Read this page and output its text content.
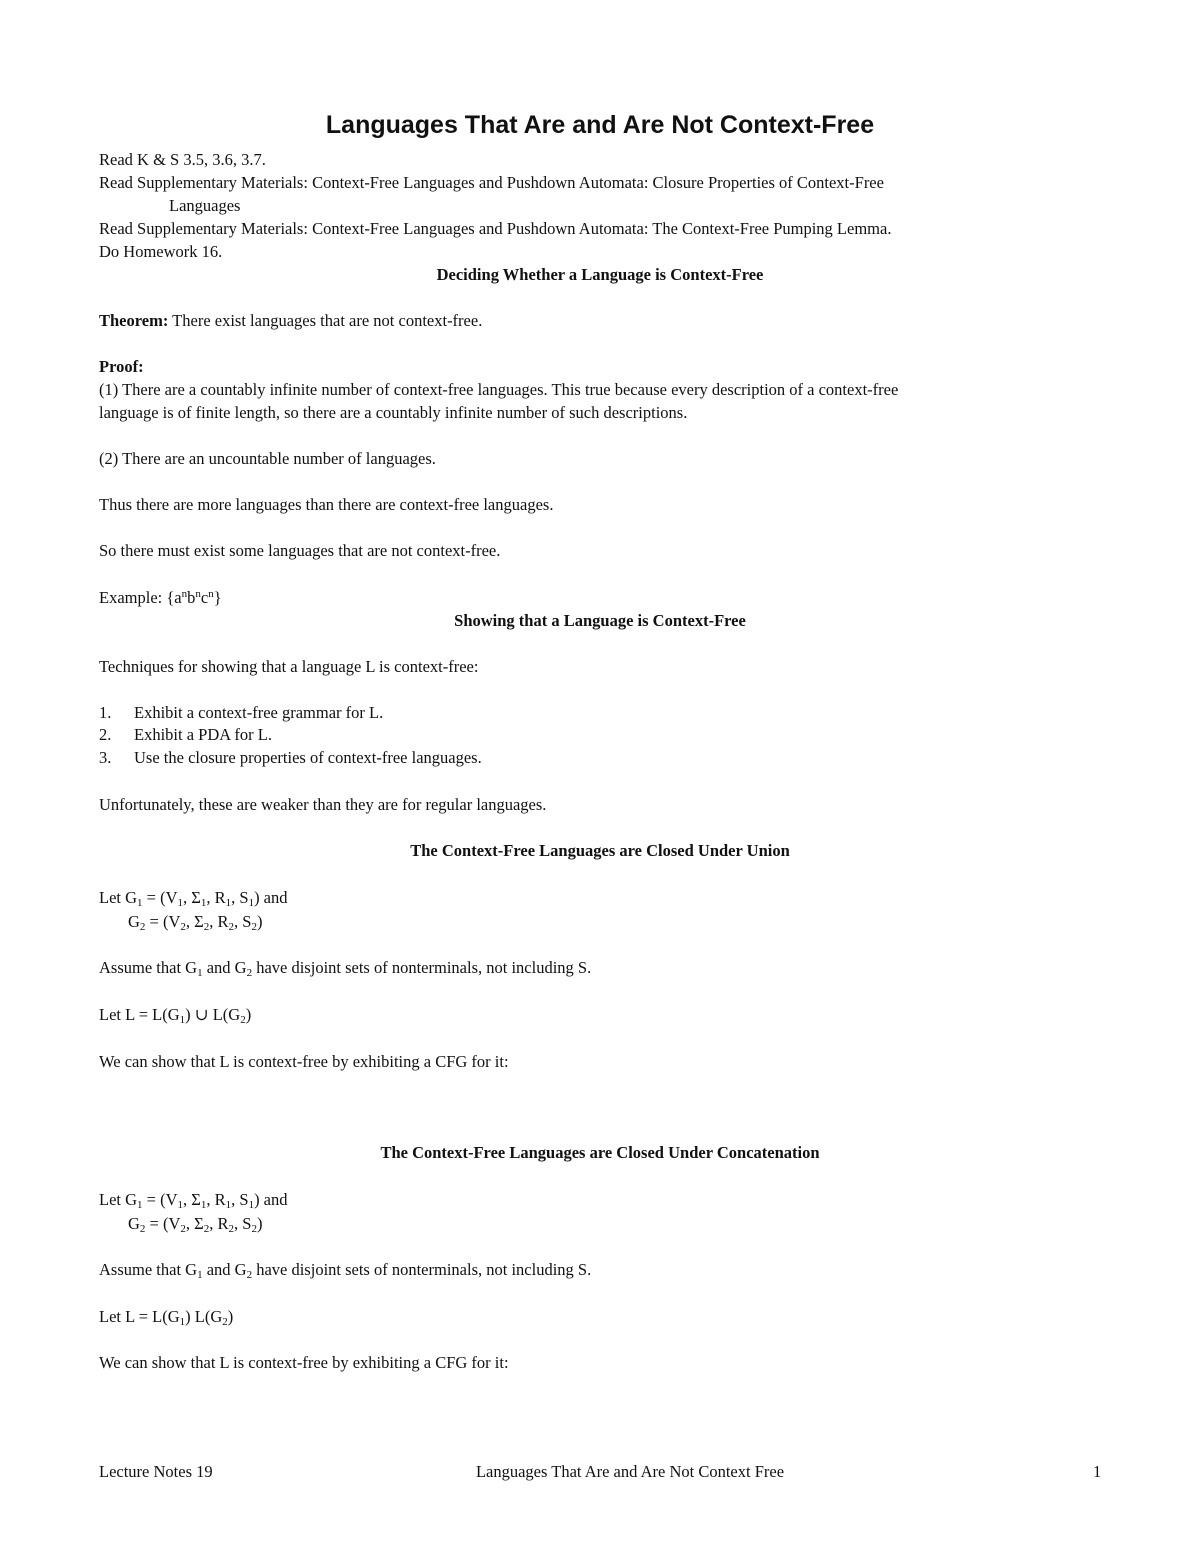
Languages That Are and Are Not Context-Free
Read K & S 3.5, 3.6, 3.7.
Read Supplementary Materials: Context-Free Languages and Pushdown Automata: Closure Properties of Context-Free
Languages
Read Supplementary Materials: Context-Free Languages and Pushdown Automata: The Context-Free Pumping Lemma.
Do Homework 16.
Deciding Whether a Language is Context-Free
Theorem: There exist languages that are not context-free.
Proof:
(1) There are a countably infinite number of context-free languages. This true because every description of a context-free
language is of finite length, so there are a countably infinite number of such descriptions.
(2) There are an uncountable number of languages.
Thus there are more languages than there are context-free languages.
So there must exist some languages that are not context-free.
Example: $\{a^nb^nc^n\}$
Showing that a Language is Context-Free
Techniques for showing that a language L is context-free:
1. Exhibit a context-free grammar for L.
2. Exhibit a PDA for L.
3. Use the closure properties of context-free languages.
Unfortunately, these are weaker than they are for regular languages.
The Context-Free Languages are Closed Under Union
Let $G_1 = (V_1$, $\Sigma_1$, $R_1$, $S_1$) and
$G_2 = (V_2$, $\Sigma_2$, $R_2$, $S_2$)
Assume that $G_1$ and $G_2$ have disjoint sets of nonterminals, not including S.
Let $L = L(G_1)$ ∪ $L(G_2)$
We can show that L is context-free by exhibiting a CFG for it:
The Context-Free Languages are Closed Under Concatenation
Let $G_1 = (V_1$, $\Sigma_1$, $R_1$, $S_1$) and
$G_2 = (V_2$, $\Sigma_2$, $R_2$, $S_2$)
Assume that $G_1$ and $G_2$ have disjoint sets of nonterminals, not including S.
Let $L = L(G_1)$ $L(G_2)$
We can show that L is context-free by exhibiting a CFG for it:
Lecture Notes 19	Languages That Are and Are Not Context Free	1
